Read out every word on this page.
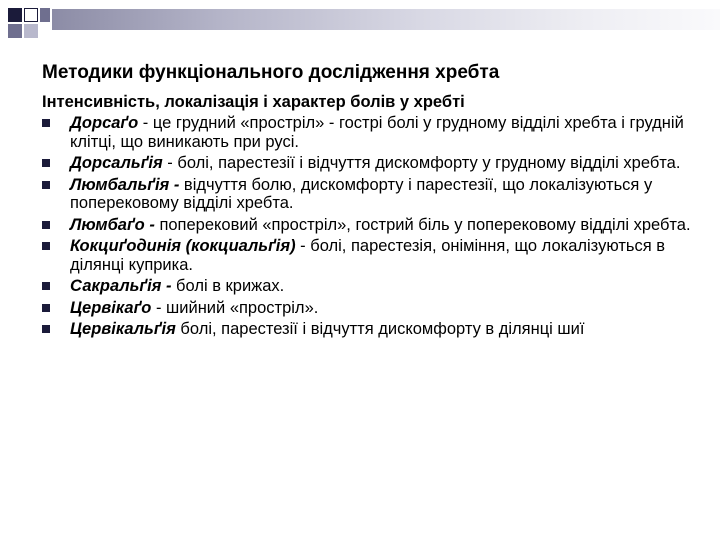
Методики функціонального дослідження хребта
Інтенсивність, локалізація і характер болів у хребті
Дорсаґо - це грудний «простріл» - гострі болі у грудному відділі хребта і грудній клітці, що виникають при русі.
Дорсальґія - болі, парестезії і відчуття дискомфорту у грудному відділі хребта.
Люмбальґія - відчуття болю, дискомфорту і парестезії, що локалізуються у поперековому відділі хребта.
Люмбаґо - поперековий «простріл», гострий біль у поперековому відділі хребта.
Кокциґодинія (кокциальґія) - болі, парестезія, оніміння, що локалізуються в ділянці куприка.
Сакральґія - болі в крижах.
Цервікаґо - шийний «простріл».
Цервікальґія болі, парестезії і відчуття дискомфорту в ділянці шиї
